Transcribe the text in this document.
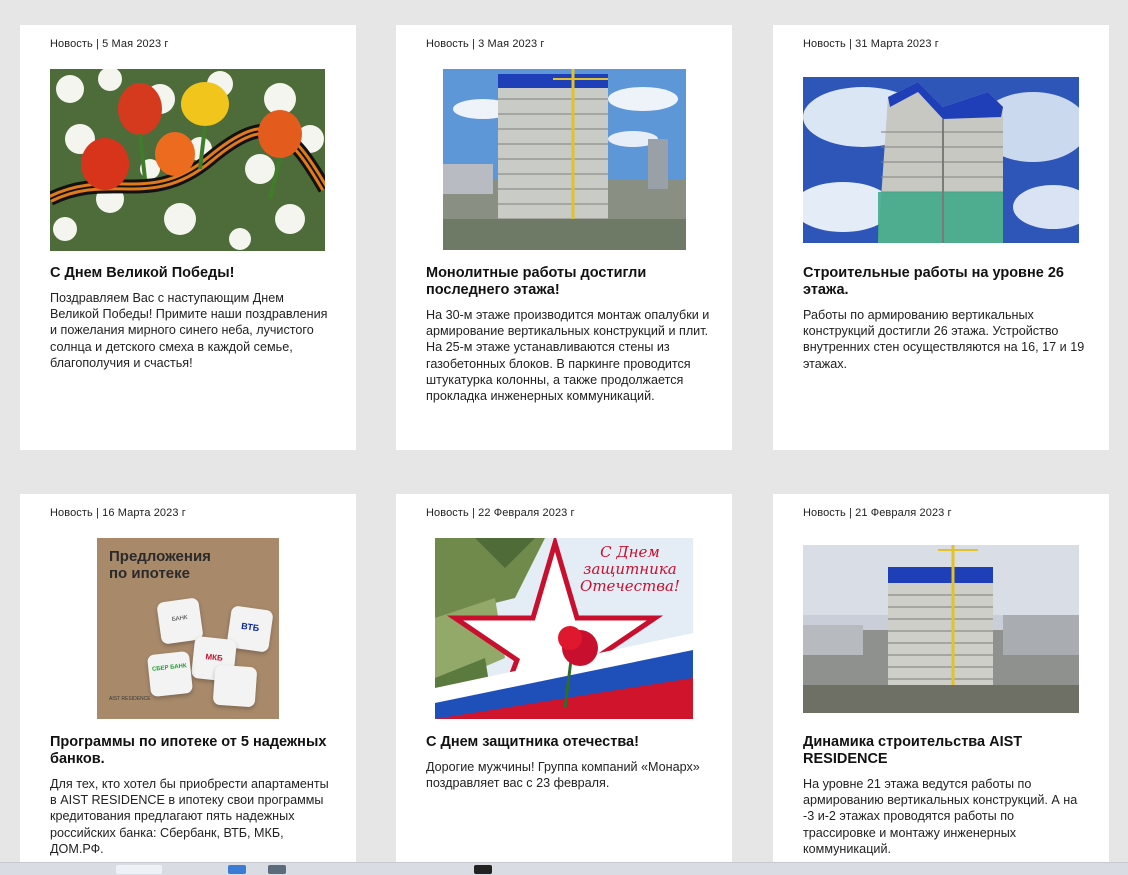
Новость | 5 Мая 2023 г
С Днем Великой Победы!
Поздравляем Вас с наступающим Днем Великой Победы! Примите наши поздравления и пожелания мирного синего неба, лучистого солнца и детского смеха в каждой семье, благополучия и счастья!
Новость | 3 Мая 2023 г
Монолитные работы достигли последнего этажа!
На 30-м этаже производится монтаж опалубки и армирование вертикальных конструкций и плит. На 25-м этаже устанавливаются стены из газобетонных блоков. В паркинге проводится штукатурка колонны, а также продолжается прокладка инженерных коммуникаций.
Новость | 31 Марта 2023 г
Строительные работы на уровне 26 этажа.
Работы по армированию вертикальных конструкций достигли 26 этажа. Устройство внутренних стен осуществляются на 16, 17 и 19 этажах.
Новость | 16 Марта 2023 г
Предложения по ипотеке
БАНК
ВТБ
МКБ
СБЕР БАНК
AIST RESIDENCE
Программы по ипотеке от 5 надежных банков.
Для тех, кто хотел бы приобрести апартаменты в AIST RESIDENCE в ипотеку свои программы кредитования предлагают пять надежных российских банка: Сбербанк, ВТБ, МКБ, ДОМ.РФ.
Новость | 22 Февраля 2023 г
С Днем защитника Отечества!
С Днем защитника отечества!
Дорогие мужчины! Группа компаний «Монарх» поздравляет вас с 23 февраля.
Новость | 21 Февраля 2023 г
Динамика строительства AIST RESIDENCE
На уровне 21 этажа ведутся работы по армированию вертикальных конструкций. А на -3 и-2 этажах проводятся работы по трассировке и монтажу инженерных коммуникаций.
